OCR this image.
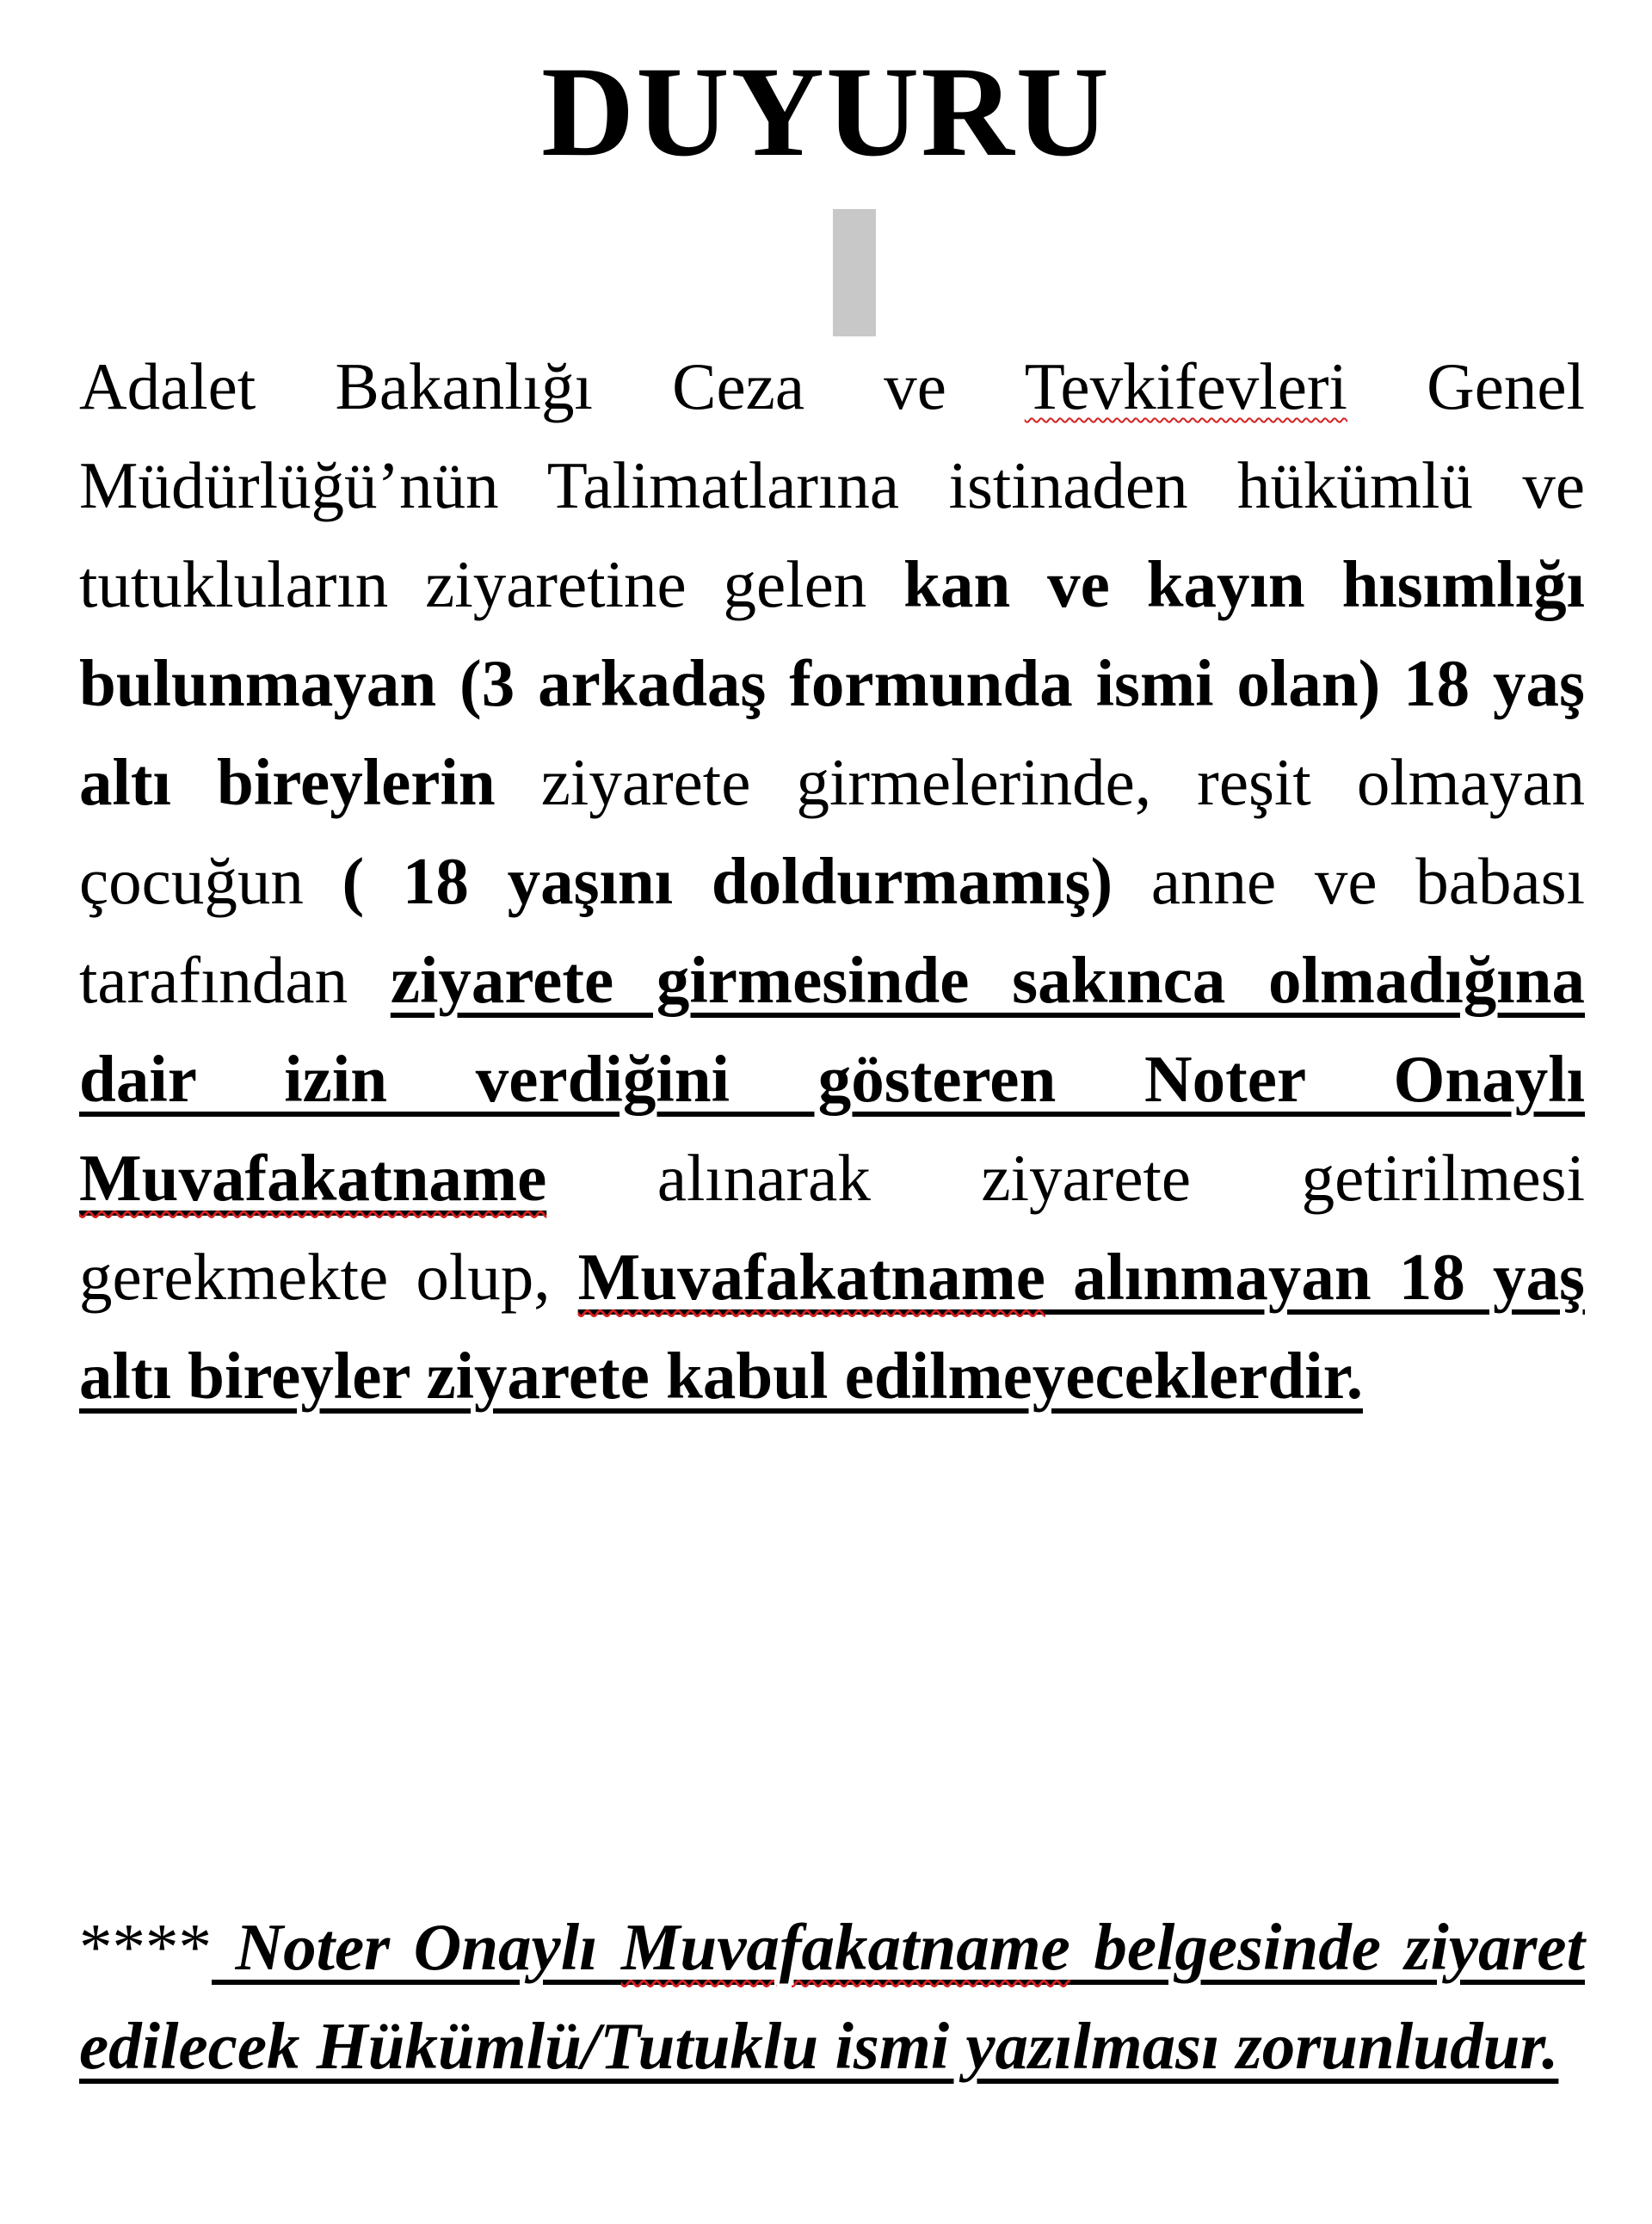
DUYURU
Adalet Bakanlığı Ceza ve Tevkifevleri Genel Müdürlüğü’nün Talimatlarına istinaden hükümlü ve tutukluların ziyaretine gelen kan ve kayın hısımlığı bulunmayan (3 arkadaş formunda ismi olan) 18 yaş altı bireylerin ziyarete girmelerinde, reşit olmayan çocuğun ( 18 yaşını doldurmamış) anne ve babası tarafından ziyarete girmesinde sakınca olmadığına dair izin verdiğini gösteren Noter Onaylı Muvafakatname alınarak ziyarete getirilmesi gerekmekte olup, Muvafakatname alınmayan 18 yaş altı bireyler ziyarete kabul edilmeyeceklerdir.
**** Noter Onaylı Muvafakatname belgesinde ziyaret edilecek Hükümlü/Tutuklu ismi yazılması zorunludur.
